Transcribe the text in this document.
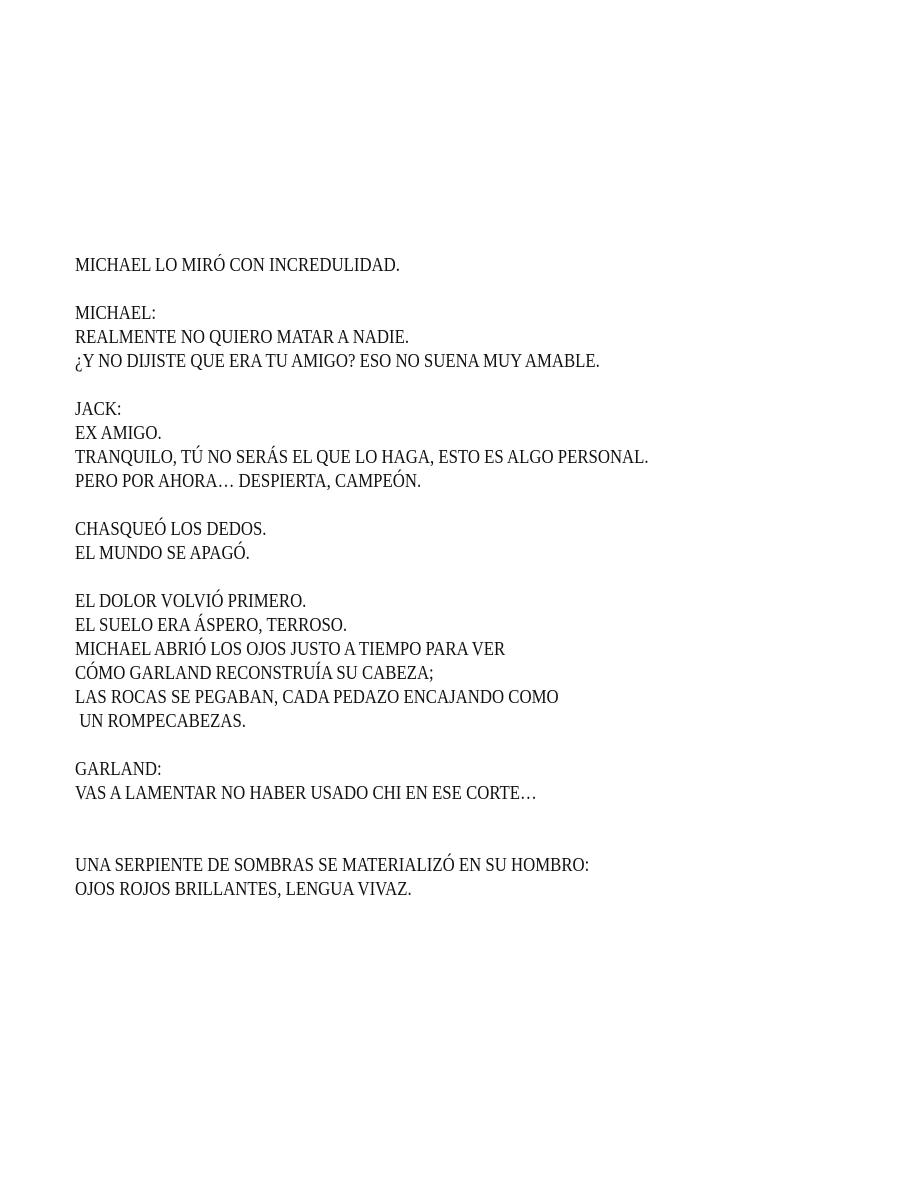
MICHAEL LO MIRÓ CON INCREDULIDAD.
MICHAEL:
REALMENTE NO QUIERO MATAR A NADIE.
¿Y NO DIJISTE QUE ERA TU AMIGO? ESO NO SUENA MUY AMABLE.
JACK:
EX AMIGO.
TRANQUILO, TÚ NO SERÁS EL QUE LO HAGA, ESTO ES ALGO PERSONAL.
PERO POR AHORA… DESPIERTA, CAMPEÓN.
CHASQUEÓ LOS DEDOS.
EL MUNDO SE APAGÓ.
EL DOLOR VOLVIÓ PRIMERO.
EL SUELO ERA ÁSPERO, TERROSO.
MICHAEL ABRIÓ LOS OJOS JUSTO A TIEMPO PARA VER
CÓMO GARLAND RECONSTRUÍA SU CABEZA;
LAS ROCAS SE PEGABAN, CADA PEDAZO ENCAJANDO COMO
UN ROMPECABEZAS.
GARLAND:
VAS A LAMENTAR NO HABER USADO CHI EN ESE CORTE…
UNA SERPIENTE DE SOMBRAS SE MATERIALIZÓ EN SU HOMBRO:
OJOS ROJOS BRILLANTES, LENGUA VIVAZ.
